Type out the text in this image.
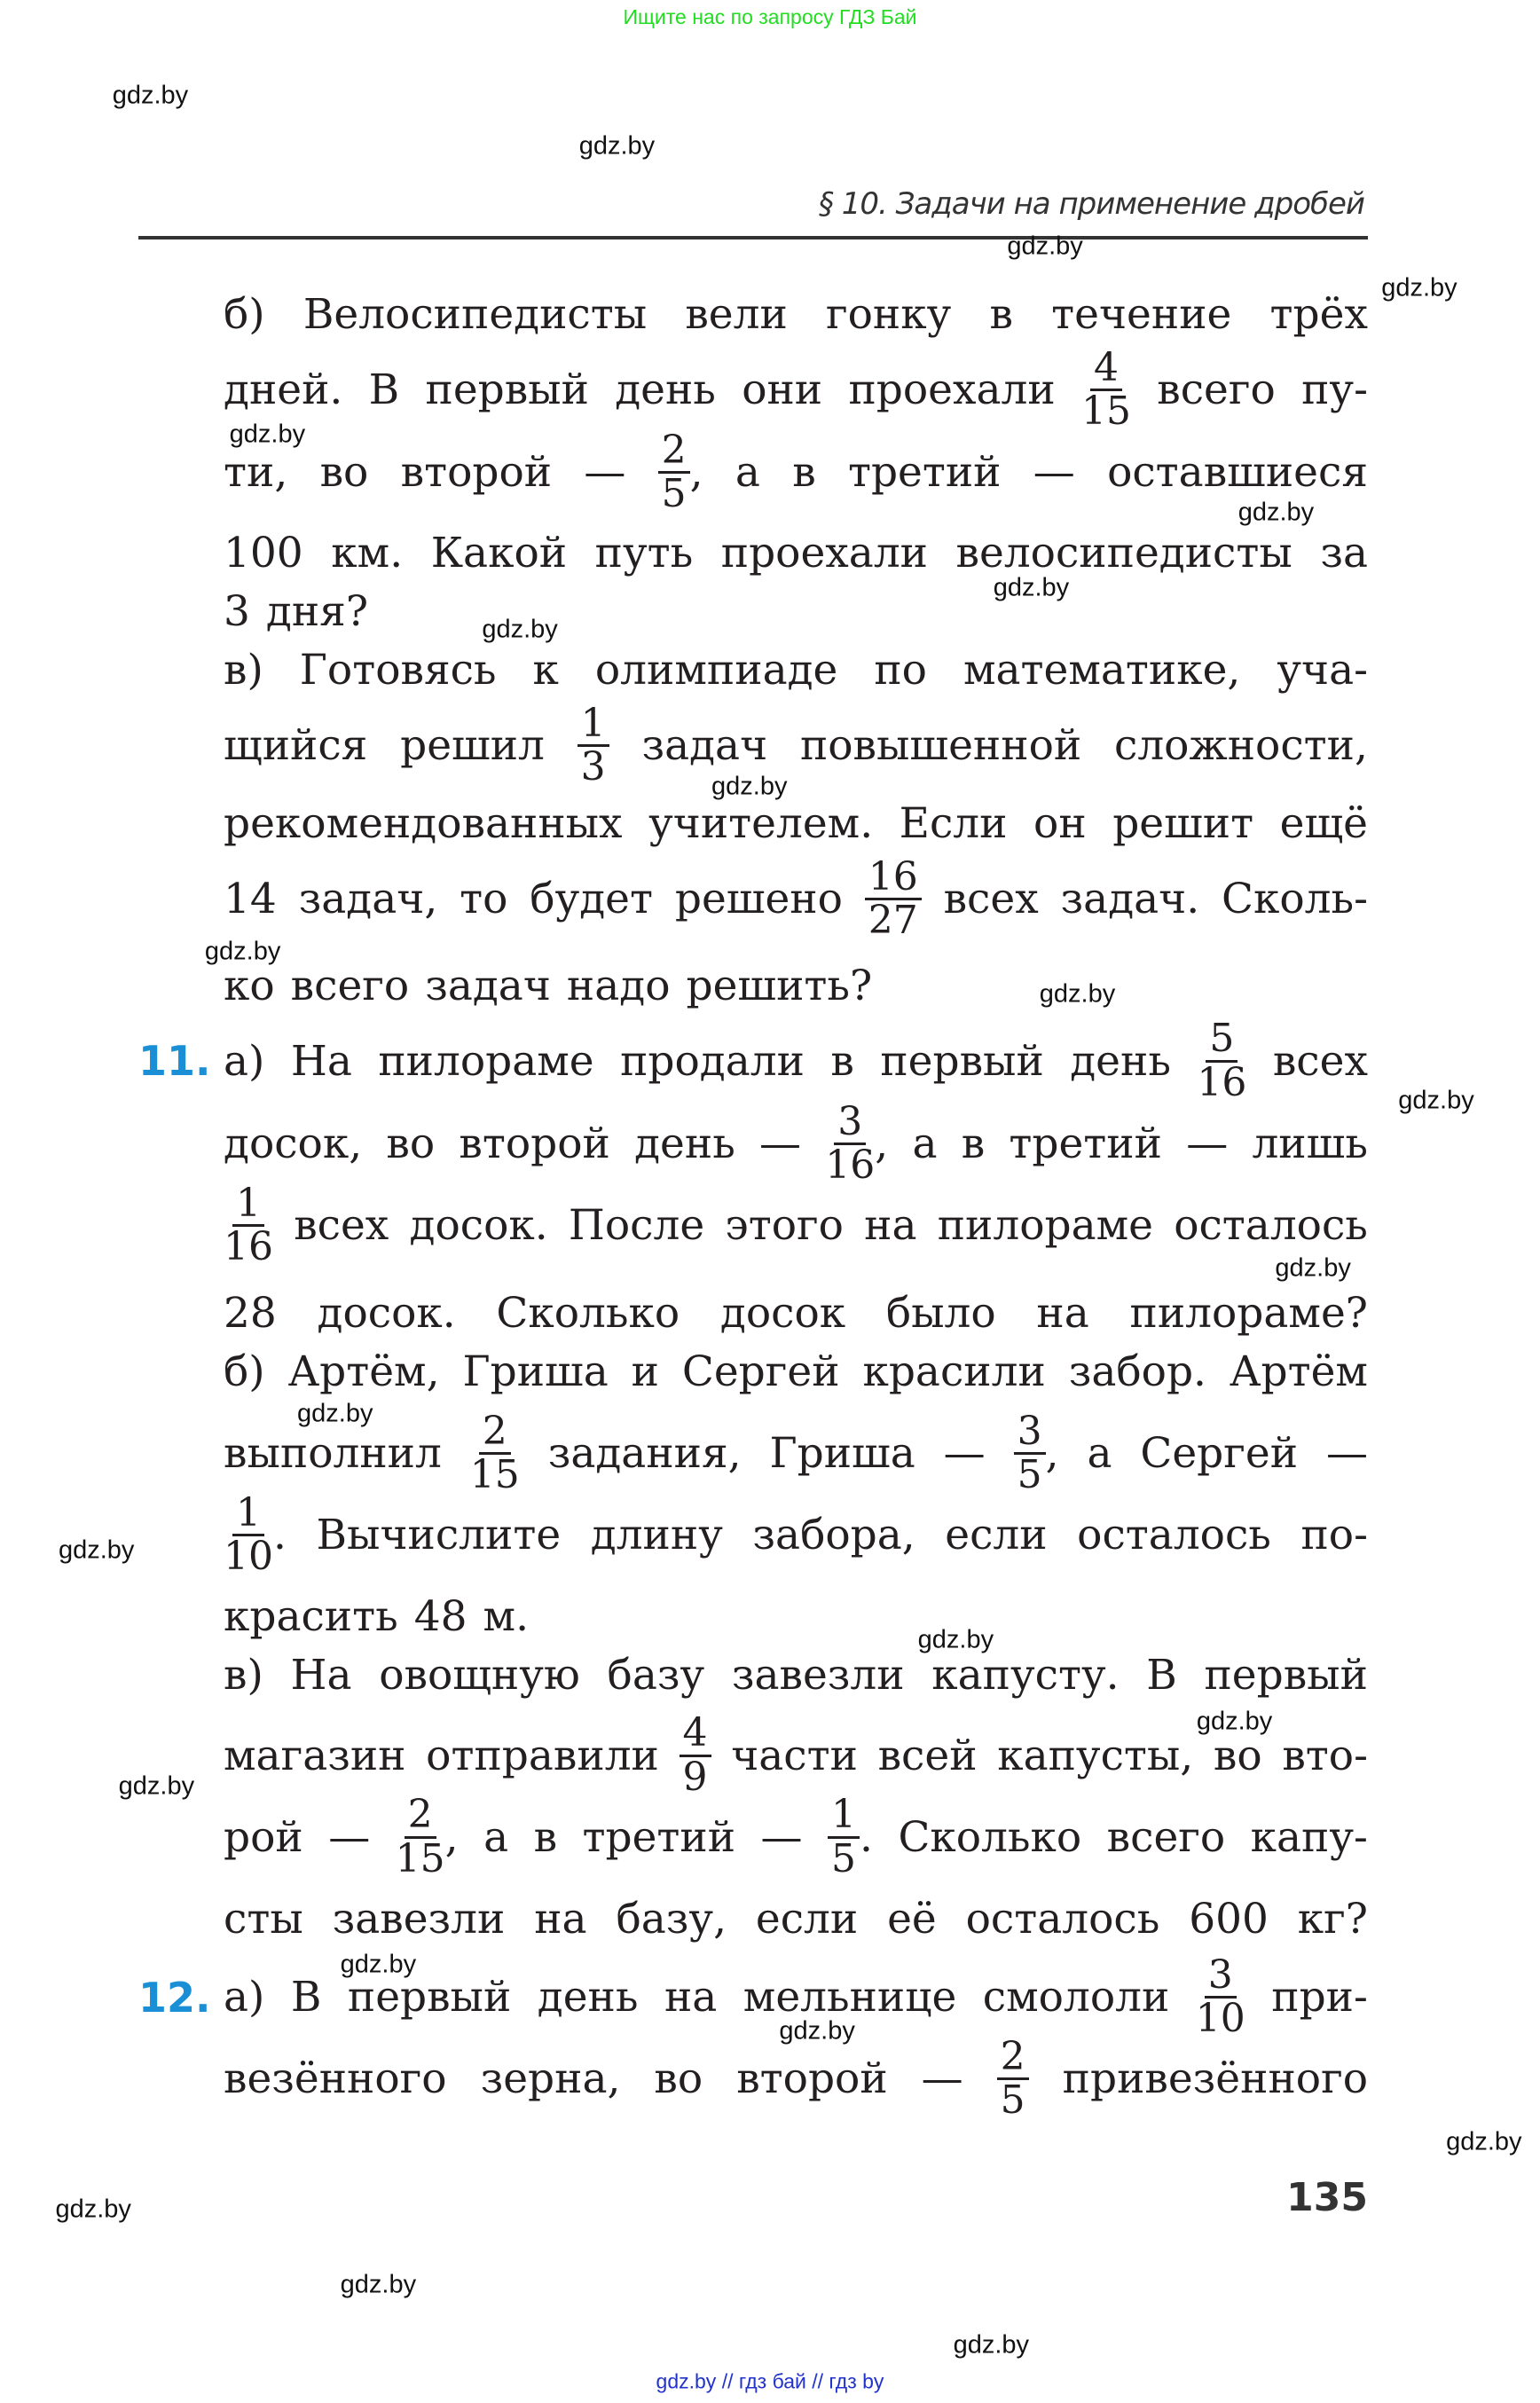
Ищите нас по запросу ГДЗ Бай
§ 10. Задачи на применение дробей
б) Велосипедисты вели гонку в течение трёх
дней. В первый день они проехали $\frac{4}{15}$ всего пу-
ти, во второй — $\frac{2}{5}$ , а в третий — оставшиеся
100 км. Какой путь проехали велосипедисты за
3 дня?
в) Готовясь к олимпиаде по математике, уча-
щийся решил $\frac{1}{3}$ задач повышенной сложности,
рекомендованных учителем. Если он решит ещё
14 задач, то будет решено $\frac{16}{27}$ всех задач. Сколь-
ко всего задач надо решить?
а) На пилораме продали в первый день $\frac{5}{16}$ всех
досок, во второй день — $\frac{3}{16}$ , а в третий — лишь
$\frac{1}{16}$ всех досок. После этого на пилораме осталось
28 досок. Сколько досок было на пилораме?
б) Артём, Гриша и Сергей красили забор. Артём
выполнил $\frac{2}{15}$ задания, Гриша — $\frac{3}{5}$ , а Сергей —
$\frac{1}{10}$ . Вычислите длину забора, если осталось по-
красить 48 м.
в) На овощную базу завезли капусту. В первый
магазин отправили $\frac{4}{9}$ части всей капусты, во вто-
рой — $\frac{2}{15}$ , а в третий — $\frac{1}{5}$ . Сколько всего капу-
сты завезли на базу, если её осталось 600 кг?
а) В первый день на мельнице смололи $\frac{3}{10} при-$
везённого зерна, во второй — $\frac{2}{5}$ привезённого
11.
12.
135
gdz.by
gdz.by
gdz.by
gdz.by
gdz.by
gdz.by
gdz.by
gdz.by
gdz.by
gdz.by
gdz.by
gdz.by
gdz.by
gdz.by
gdz.by
gdz.by
gdz.by
gdz.by
gdz.by
gdz.by
gdz.by
gdz.by
gdz.by
gdz.by
gdz.by // гдз бай // гдз by
